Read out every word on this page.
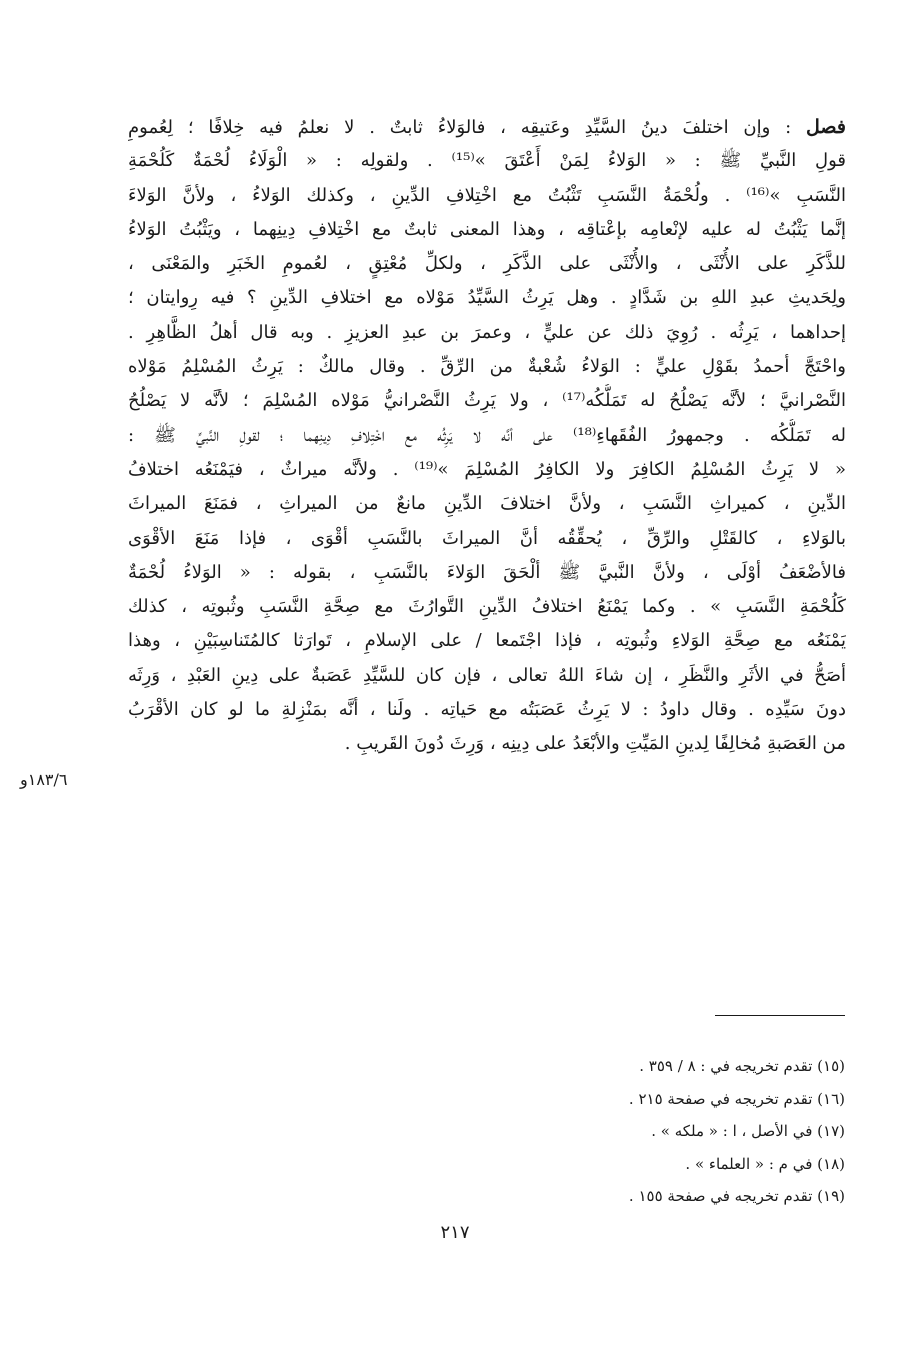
فصل : وإن اختلفَ دينُ السَّيِّدِ وعَتيقِه ، فالوَلاءُ ثابتٌ . لا نعلمُ فيه خِلافًا ؛ لِعُمومِ
قولِ النَّبيِّ ﷺ : « الوَلاءُ لِمَنْ أَعْتَقَ »⁽¹⁵⁾ . ولقولِه : « الْوَلَاءُ لُحْمَةٌ كَلُحْمَةِ
النَّسَبِ »⁽¹⁶⁾ . ولُحْمَةُ النَّسَبِ تَثْبُتُ مع اخْتِلافِ الدِّينِ ، وكذلك الوَلاءُ ، ولأنَّ الوَلاءَ
إنَّما يَثْبُتُ له عليه لإنْعامِه بإعْتاقِه ، وهذا المعنى ثابتٌ مع اخْتِلافِ دِينِهما ، ويَثْبُتُ الوَلاءُ
للذَّكَرِ على الأُنْثَى ، والأُنْثَى على الذَّكَرِ ، ولكلِّ مُعْتِقٍ ، لعُمومِ الخَبَرِ والمَعْنَى ،
ولِحَديثِ عبدِ اللهِ بن شَدَّادٍ . وهل يَرِثُ السَّيِّدُ مَوْلاه مع اختلافِ الدِّينِ ؟ فيه رِوايتان ؛
إحداهما ، يَرِثُه . رُوِيَ ذلك عن عليٍّ ، وعمرَ بن عبدِ العزيزِ . وبه قال أهلُ الظَّاهِرِ .
واحْتَجَّ أحمدُ بقَوْلِ عليٍّ : الوَلاءُ شُعْبةٌ من الرِّقِّ . وقال مالكٌ : يَرِثُ المُسْلِمُ مَوْلاه
النَّصْرانيَّ ؛ لأنَّه يَصْلُحُ له تَمَلُّكُه⁽¹⁷⁾ ، ولا يَرِثُ النَّصْرانيُّ مَوْلاه المُسْلِمَ ؛ لأنَّه لا يَصْلُحُ
له تَمَلُّكُه . وجمهورُ الفُقَهاءِ⁽¹⁸⁾ على أنَّه لا يَرِثُه مع اخْتِلافِ دِينِهما ؛ لقولِ النَّبيِّ ﷺ :
« لا يَرِثُ المُسْلِمُ الكافِرَ ولا الكافِرُ المُسْلِمَ »⁽¹⁹⁾ . ولأنَّه ميراثٌ ، فيَمْنَعُه اختلافُ
الدِّينِ ، كميراثِ النَّسَبِ ، ولأنَّ اختلافَ الدِّينِ مانعٌ من الميراثِ ، فمَنَعَ الميراثَ
بالوَلاءِ ، كالقَتْلِ والرِّقِّ ، يُحقِّقُه أنَّ الميراثَ بالنَّسَبِ أقْوَى ، فإذا مَنَعَ الأقْوَى
فالأضْعَفُ أوْلَى ، ولأنَّ النَّبيَّ ﷺ ألْحَقَ الوَلاءَ بالنَّسَبِ ، بقوله : « الوَلاءُ لُحْمَةٌ
كَلُحْمَةِ النَّسَبِ » . وكما يَمْنَعُ اختلافُ الدِّينِ التَّوارُثَ مع صِحَّةِ النَّسَبِ وثُبوتِه ، كذلك
يَمْنَعُه مع صِحَّةِ الوَلاءِ وثُبوتِه ، فإذا اجْتَمعا / على الإسلامِ ، تَوارَثا كالمُتَناسِبَيْنِ ، وهذا
أصَحُّ في الأثَرِ والنَّظَرِ ، إن شاءَ اللهُ تعالى ، فإن كان للسَّيِّدِ عَصَبةٌ على دِينِ العَبْدِ ، وَرِثَه
دونَ سَيِّدِه . وقال داودُ : لا يَرِثُ عَصَبَتُه مع حَياتِه . ولَنا ، أنَّه بمَنْزِلةِ ما لو كان الأقْرَبُ
من العَصَبةِ مُخالِفًا لِدينِ المَيِّتِ والأبْعَدُ على دِينِه ، وَرِثَ دُونَ القَريبِ .
١٨٣/٦و
(١٥) تقدم تخريجه في : ٨ / ٣٥٩ .
(١٦) تقدم تخريجه في صفحة ٢١٥ .
(١٧) في الأصل ، ا : « ملكه » .
(١٨) في م : « العلماء » .
(١٩) تقدم تخريجه في صفحة ١٥٥ .
٢١٧
